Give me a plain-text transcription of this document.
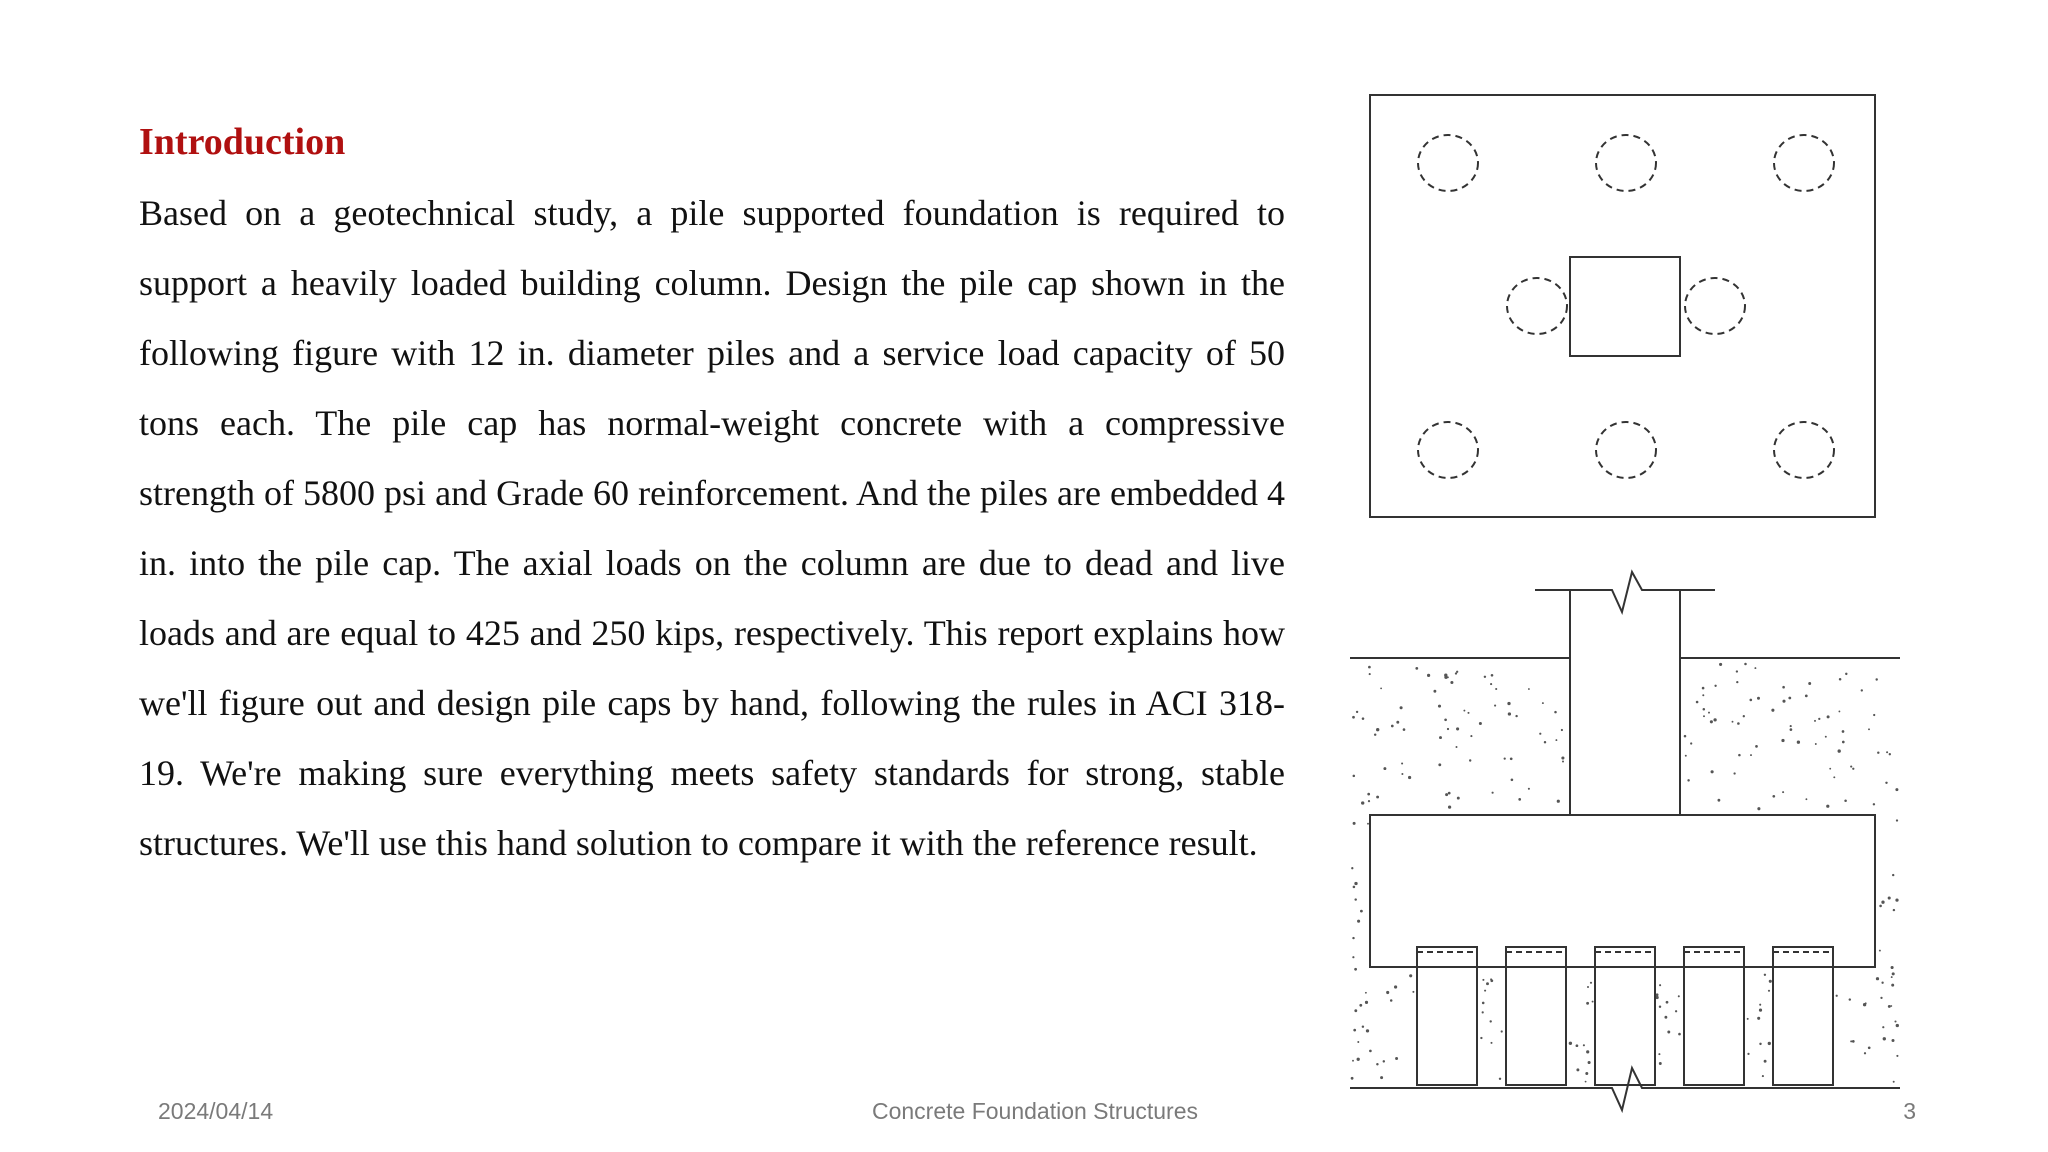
Introduction
Based on a geotechnical study, a pile supported foundation is required to support a heavily loaded building column. Design the pile cap shown in the following figure with 12 in. diameter piles and a service load capacity of 50 tons each. The pile cap has normal-weight concrete with a compressive strength of 5800 psi and Grade 60 reinforcement. And the piles are embedded 4 in. into the pile cap. The axial loads on the column are due to dead and live loads and are equal to 425 and 250 kips, respectively. This report explains how we'll figure out and design pile caps by hand, following the rules in ACI 318-19. We're making sure everything meets safety standards for strong, stable structures. We'll use this hand solution to compare it with the reference result.
2024/04/14	Concrete Foundation Structures	3
